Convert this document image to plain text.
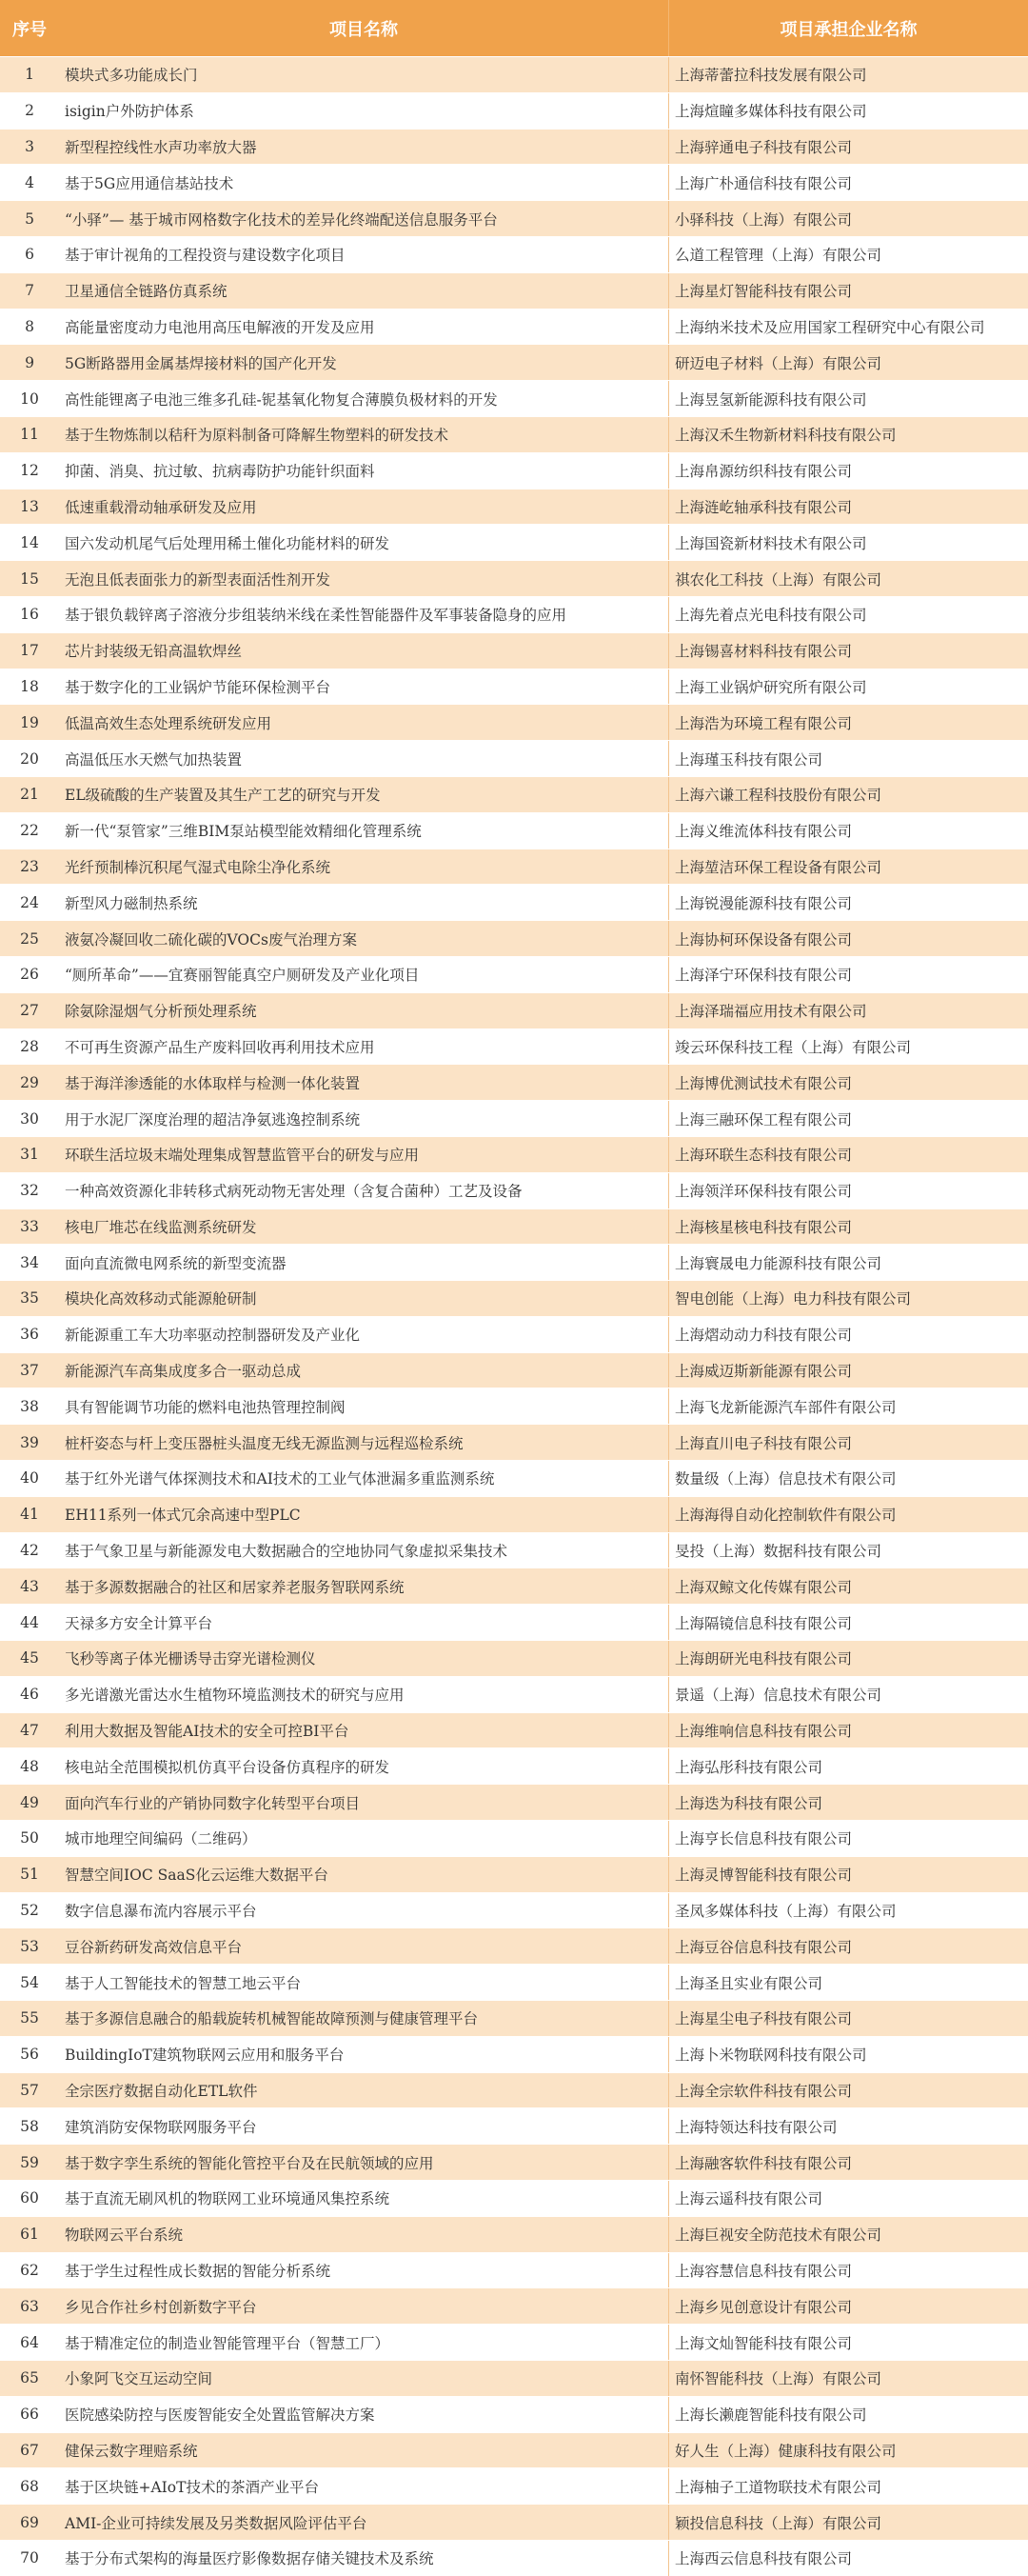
序号	项目名称	项目承担企业名称
1	模块式多功能成长门	上海蒂蕾拉科技发展有限公司
2	isigin户外防护体系	上海煊瞳多媒体科技有限公司
3	新型程控线性水声功率放大器	上海骍通电子科技有限公司
4	基于5G应用通信基站技术	上海广朴通信科技有限公司
5	“小驿”— 基于城市网格数字化技术的差异化终端配送信息服务平台	小驿科技（上海）有限公司
6	基于审计视角的工程投资与建设数字化项目	么道工程管理（上海）有限公司
7	卫星通信全链路仿真系统	上海星灯智能科技有限公司
8	高能量密度动力电池用高压电解液的开发及应用	上海纳米技术及应用国家工程研究中心有限公司
9	5G断路器用金属基焊接材料的国产化开发	研迈电子材料（上海）有限公司
10	高性能锂离子电池三维多孔硅-铌基氧化物复合薄膜负极材料的开发	上海昱氢新能源科技有限公司
11	基于生物炼制以秸秆为原料制备可降解生物塑料的研发技术	上海汉禾生物新材料科技有限公司
12	抑菌、消臭、抗过敏、抗病毒防护功能针织面料	上海帛源纺织科技有限公司
13	低速重载滑动轴承研发及应用	上海涟屹轴承科技有限公司
14	国六发动机尾气后处理用稀土催化功能材料的研发	上海国瓷新材料技术有限公司
15	无泡且低表面张力的新型表面活性剂开发	祺农化工科技（上海）有限公司
16	基于银负载锌离子溶液分步组装纳米线在柔性智能器件及军事装备隐身的应用	上海先着点光电科技有限公司
17	芯片封装级无铅高温软焊丝	上海锡喜材料科技有限公司
18	基于数字化的工业锅炉节能环保检测平台	上海工业锅炉研究所有限公司
19	低温高效生态处理系统研发应用	上海浩为环境工程有限公司
20	高温低压水天燃气加热装置	上海瑾玉科技有限公司
21	EL级硫酸的生产装置及其生产工艺的研究与开发	上海六谦工程科技股份有限公司
22	新一代“泵管家”三维BIM泵站模型能效精细化管理系统	上海义维流体科技有限公司
23	光纤预制棒沉积尾气湿式电除尘净化系统	上海堃洁环保工程设备有限公司
24	新型风力磁制热系统	上海锐漫能源科技有限公司
25	液氨冷凝回收二硫化碳的VOCs废气治理方案	上海协柯环保设备有限公司
26	“厕所革命”——宜赛丽智能真空户厕研发及产业化项目	上海泽宁环保科技有限公司
27	除氨除湿烟气分析预处理系统	上海泽瑞福应用技术有限公司
28	不可再生资源产品生产废料回收再利用技术应用	竣云环保科技工程（上海）有限公司
29	基于海洋渗透能的水体取样与检测一体化装置	上海博优测试技术有限公司
30	用于水泥厂深度治理的超洁净氨逃逸控制系统	上海三融环保工程有限公司
31	环联生活垃圾末端处理集成智慧监管平台的研发与应用	上海环联生态科技有限公司
32	一种高效资源化非转移式病死动物无害处理（含复合菌种）工艺及设备	上海领洋环保科技有限公司
33	核电厂堆芯在线监测系统研发	上海核星核电科技有限公司
34	面向直流微电网系统的新型变流器	上海寰晟电力能源科技有限公司
35	模块化高效移动式能源舱研制	智电创能（上海）电力科技有限公司
36	新能源重工车大功率驱动控制器研发及产业化	上海熠动动力科技有限公司
37	新能源汽车高集成度多合一驱动总成	上海威迈斯新能源有限公司
38	具有智能调节功能的燃料电池热管理控制阀	上海飞龙新能源汽车部件有限公司
39	桩杆姿态与杆上变压器桩头温度无线无源监测与远程巡检系统	上海直川电子科技有限公司
40	基于红外光谱气体探测技术和AI技术的工业气体泄漏多重监测系统	数量级（上海）信息技术有限公司
41	EH11系列一体式冗余高速中型PLC	上海海得自动化控制软件有限公司
42	基于气象卫星与新能源发电大数据融合的空地协同气象虚拟采集技术	旻投（上海）数据科技有限公司
43	基于多源数据融合的社区和居家养老服务智联网系统	上海双鲸文化传媒有限公司
44	天禄多方安全计算平台	上海隔镜信息科技有限公司
45	飞秒等离子体光栅诱导击穿光谱检测仪	上海朗研光电科技有限公司
46	多光谱激光雷达水生植物环境监测技术的研究与应用	景遥（上海）信息技术有限公司
47	利用大数据及智能AI技术的安全可控BI平台	上海维响信息科技有限公司
48	核电站全范围模拟机仿真平台设备仿真程序的研发	上海弘彤科技有限公司
49	面向汽车行业的产销协同数字化转型平台项目	上海迭为科技有限公司
50	城市地理空间编码（二维码）	上海亨长信息科技有限公司
51	智慧空间IOC SaaS化云运维大数据平台	上海灵博智能科技有限公司
52	数字信息瀑布流内容展示平台	圣凤多媒体科技（上海）有限公司
53	豆谷新药研发高效信息平台	上海豆谷信息科技有限公司
54	基于人工智能技术的智慧工地云平台	上海圣且实业有限公司
55	基于多源信息融合的船载旋转机械智能故障预测与健康管理平台	上海星尘电子科技有限公司
56	BuildingIoT建筑物联网云应用和服务平台	上海卜米物联网科技有限公司
57	全宗医疗数据自动化ETL软件	上海全宗软件科技有限公司
58	建筑消防安保物联网服务平台	上海特领达科技有限公司
59	基于数字孪生系统的智能化管控平台及在民航领域的应用	上海融客软件科技有限公司
60	基于直流无刷风机的物联网工业环境通风集控系统	上海云遥科技有限公司
61	物联网云平台系统	上海巨视安全防范技术有限公司
62	基于学生过程性成长数据的智能分析系统	上海容慧信息科技有限公司
63	乡见合作社乡村创新数字平台	上海乡见创意设计有限公司
64	基于精准定位的制造业智能管理平台（智慧工厂）	上海文灿智能科技有限公司
65	小象阿飞交互运动空间	南怀智能科技（上海）有限公司
66	医院感染防控与医废智能安全处置监管解决方案	上海长濑鹿智能科技有限公司
67	健保云数字理赔系统	好人生（上海）健康科技有限公司
68	基于区块链+AIoT技术的茶酒产业平台	上海柚子工道物联技术有限公司
69	AMI-企业可持续发展及另类数据风险评估平台	颖投信息科技（上海）有限公司
70	基于分布式架构的海量医疗影像数据存储关键技术及系统	上海西云信息科技有限公司
